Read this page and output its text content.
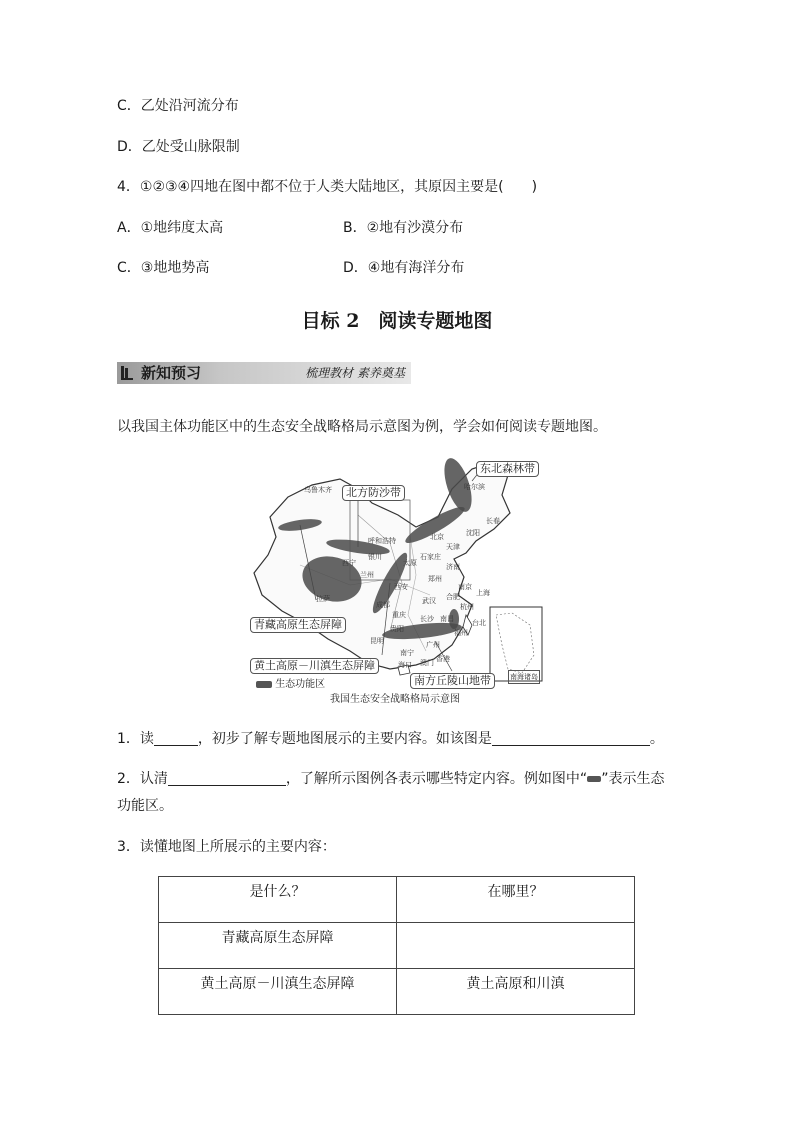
C．乙处沿河流分布
D．乙处受山脉限制
4．①②③④四地在图中都不位于人类大陆地区，其原因主要是(　　)
A．①地纬度太高	B．②地有沙漠分布
C．③地地势高	D．④地有海洋分布
目标 2　阅读专题地图
新知预习	梳理教材 素养奠基
以我国主体功能区中的生态安全战略格局示意图为例，学会如何阅读专题地图。
乌鲁木齐	哈尔滨
长春
沈阳
呼和浩特	北京
天津
太原
石家庄
济南
银川
西宁
兰州
西安
郑州
南京
上海
合肥
武汉
杭州
成都
重庆 长沙 南昌
福州
贵阳
昆明
南宁
广州
海口
拉萨
台北
香港
澳门
东北森林带
北方防沙带
青藏高原生态屏障
黄土高原－川滇生态屏障
南方丘陵山地带	南海诸岛
生态功能区
我国生态安全战略格局示意图
1．读	，初步了解专题地图展示的主要内容。如该图是	。
2．认清	，了解所示图例各表示哪些特定内容。例如图中“ ”表示生态
功能区。
3．读懂地图上所展示的主要内容：
是什么？	在哪里？
青藏高原生态屏障	
黄土高原－川滇生态屏障	黄土高原和川滇
